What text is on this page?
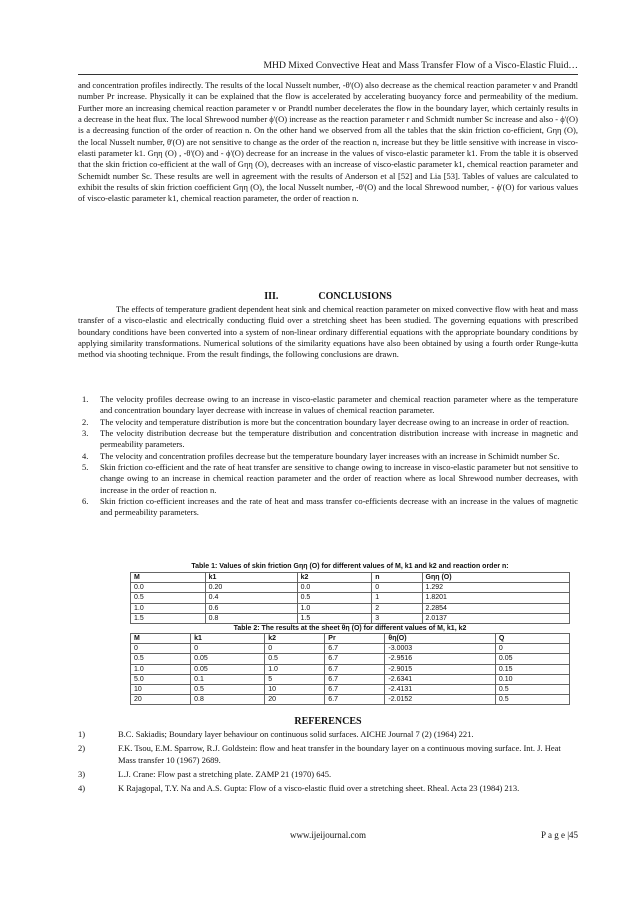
MHD Mixed Convective Heat and Mass Transfer Flow of a Visco-Elastic Fluid…
and concentration profiles indirectly. The results of the local Nusselt number, -θ'(O) also decrease as the chemical reaction parameter v and Prandtl number Pr increase. Physically it can be explained that the flow is accelerated by accelerating buoyancy force and permeability of the medium. Further more an increasing chemical reaction parameter v or Prandtl number decelerates the flow in the boundary layer, which certainly results in a decrease in the heat flux. The local Shrewood number ϕ'(O) increase as the reaction parameter r and Schmidt number Sc increase and also - ϕ'(O) is a decreasing function of the order of reaction n. On the other hand we observed from all the tables that the skin friction co-efficient, Gηη (O), the local Nusselt number, θ'(O) are not sensitive to change as the order of the reaction n, increase but they be little sensitive with increase in visco-elasti parameter k1. Gηη (O) , -θ'(O) and - ϕ'(O) decrease for an increase in the values of visco-elastic parameter k1. From the table it is observed that the skin friction co-efficient at the wall of Gηη (O), decreases with an increase of visco-elastic parameter k1, chemical reaction parameter and Schemidt number Sc. These results are well in agreement with the results of Anderson et al [52] and Lia [53]. Tables of values are calculated to exhibit the results of skin friction coefficient Gηη (O), the local Nusselt number, -θ'(O) and the local Shrewood number, - ϕ'(O) for various values of visco-elastic parameter k1, chemical reaction parameter, the order of reaction n.
III.	CONCLUSIONS
The effects of temperature gradient dependent heat sink and chemical reaction parameter on mixed convective flow with heat and mass transfer of a visco-elastic and electrically conducting fluid over a stretching sheet has been studied. The governing equations with prescribed boundary conditions have been converted into a system of non-linear ordinary differential equations with the appropriate boundary conditions by applying similarity transformations. Numerical solutions of the similarity equations have also been obtained by using a fourth order Runge-kutta method via shooting technique. From the result findings, the following conclusions are drawn.
1. The velocity profiles decrease owing to an increase in visco-elastic parameter and chemical reaction parameter where as the temperature and concentration boundary layer decrease with increase in values of chemical reaction parameter.
2. The velocity and temperature distribution is more but the concentration boundary layer decrease owing to an increase in order of reaction.
3. The velocity distribution decrease but the temperature distribution and concentration distribution increase with increase in magnetic and permeability parameters.
4. The velocity and concentration profiles decrease but the temperature boundary layer increases with an increase in Schimidt number Sc.
5. Skin friction co-efficient and the rate of heat transfer are sensitive to change owing to increase in visco-elastic parameter but not sensitive to change owing to an increase in chemical reaction parameter and the order of reaction where as local Shrewood number decreases, with increase in the order of reaction n.
6. Skin friction co-efficient increases and the rate of heat and mass transfer co-efficients decrease with an increase in the values of magnetic and permeability parameters.
Table 1: Values of skin friction Gηη (O) for different values of M, k1 and k2 and reaction order n:
M	k1	k2	n	Gηη (O)
0.0	0.20	0.0	0	1.292
0.5	0.4	0.5	1	1.8201
1.0	0.6	1.0	2	2.2854
1.5	0.8	1.5	3	2.0137
Table 2: The results at the sheet θη (O) for different values of M, k1, k2
M	k1	k2	Pr	θη(O)	Q
0	0	0	6.7	-3.0003	0
0.5	0.05	0.5	6.7	-2.9516	0.05
1.0	0.05	1.0	6.7	-2.9015	0.15
5.0	0.1	5	6.7	-2.6341	0.10
10	0.5	10	6.7	-2.4131	0.5
20	0.8	20	6.7	-2.0152	0.5
REFERENCES
1)	B.C. Sakiadis; Boundary layer behaviour on continuous solid surfaces. AICHE Journal 7 (2) (1964) 221.
2)	F.K. Tsou, E.M. Sparrow, R.J. Goldstein: flow and heat transfer in the boundary layer on a continuous moving surface. Int. J. Heat Mass transfer 10 (1967) 2689.
3)	L.J. Crane: Flow past a stretching plate. ZAMP 21 (1970) 645.
4)	K Rajagopal, T.Y. Na and A.S. Gupta: Flow of a visco-elastic fluid over a stretching sheet. Rheal. Acta 23 (1984) 213.
www.ijeijournal.com	P a g e |45
